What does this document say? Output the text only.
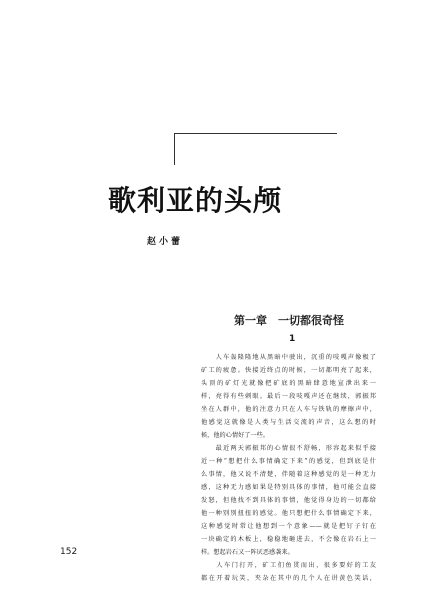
歌利亚的头颅
赵小蕾
第一章　一切都很奇怪
1
　　人车轰隆隆地从黑暗中驶出，沉重的吱嘎声像极了
矿工的疲惫。快接近终点的时候，一切都明亮了起来，
头顶的矿灯光就像把矿底的黑暗肆意地宣泄出来一
样，亮得有些刺眼。最后一段吱嘎声还在继续，郭振邦
坐在人群中，他的注意力只在人车与铁轨的摩擦声中，
他感觉这就像是人类与生活交流的声音，这么想的时
候，他的心情好了一些。
　　最近两天郭振邦的心情很不舒畅，形容起来似乎接
近一种“想把什么事情确定下来”的感觉，但到底是什
么事情，他又说不清楚，伴随着这种感觉的是一种无力
感，这种无力感如果是特别具体的事情，他可能会直接
发怒，但他找不到具体的事情，他觉得身边的一切都给
他一种别别扭扭的感觉。他只想把什么事情确定下来，
这种感觉时常让他想到一个意象——就是把钉子钉在
一块确定的木板上，稳稳地砸进去，不会像在岩石上一
样。想起岩石又一阵厌恶感袭来。
　　人车门打开，矿工们鱼贯而出，很多要好的工友
都在开着玩笑，夹杂在其中的几个人在讲黄色笑话，
152
